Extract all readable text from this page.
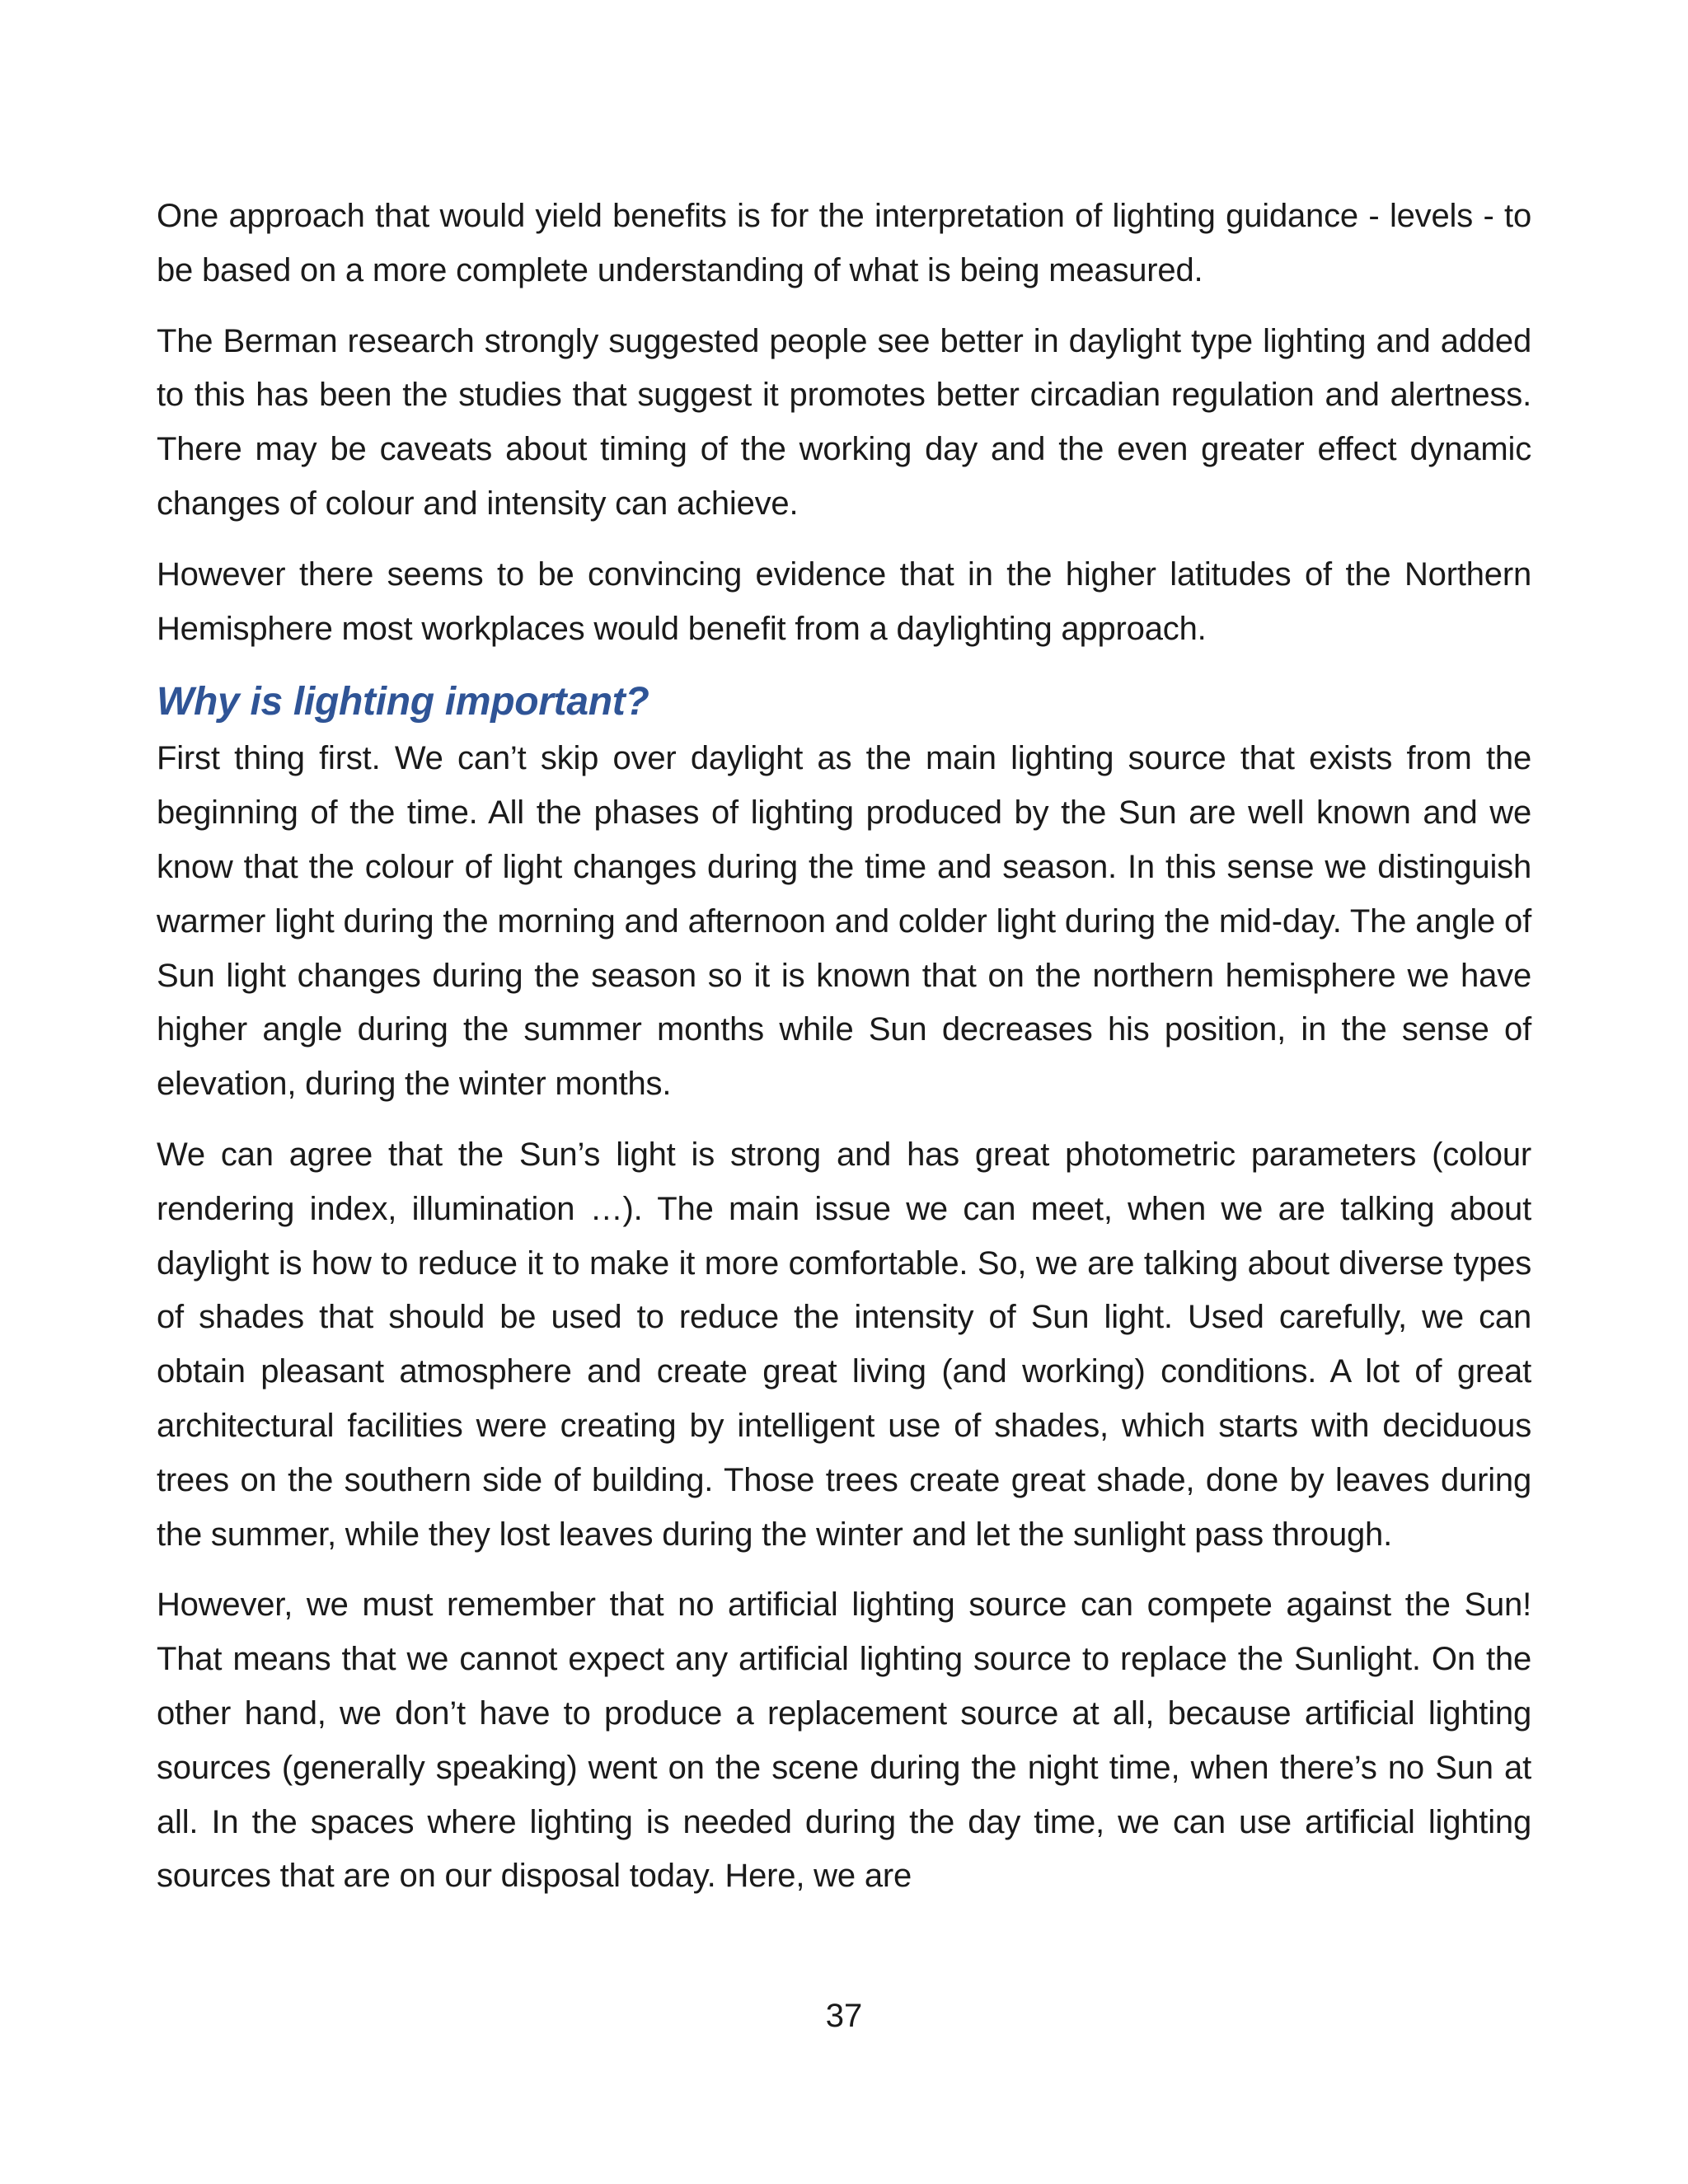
One approach that would yield benefits is for the interpretation of lighting guidance - levels - to be based on a more complete understanding of what is being measured.

The Berman research strongly suggested people see better in daylight type lighting and added to this has been the studies that suggest it promotes better circadian regulation and alertness. There may be caveats about timing of the working day and the even greater effect dynamic changes of colour and intensity can achieve.

However there seems to be convincing evidence that in the higher latitudes of the Northern Hemisphere most workplaces would benefit from a daylighting approach.

Why is lighting important?

First thing first. We can’t skip over daylight as the main lighting source that exists from the beginning of the time. All the phases of lighting produced by the Sun are well known and we know that the colour of light changes during the time and season. In this sense we distinguish warmer light during the morning and afternoon and colder light during the mid-day. The angle of Sun light changes during the season so it is known that on the northern hemisphere we have higher angle during the summer months while Sun decreases his position, in the sense of elevation, during the winter months.

We can agree that the Sun’s light is strong and has great photometric parameters (colour rendering index, illumination …). The main issue we can meet, when we are talking about daylight is how to reduce it to make it more comfortable. So, we are talking about diverse types of shades that should be used to reduce the intensity of Sun light. Used carefully, we can obtain pleasant atmosphere and create great living (and working) conditions. A lot of great architectural facilities were creating by intelligent use of shades, which starts with deciduous trees on the southern side of building. Those trees create great shade, done by leaves during the summer, while they lost leaves during the winter and let the sunlight pass through.

However, we must remember that no artificial lighting source can compete against the Sun! That means that we cannot expect any artificial lighting source to replace the Sunlight. On the other hand, we don’t have to produce a replacement source at all, because artificial lighting sources (generally speaking) went on the scene during the night time, when there’s no Sun at all. In the spaces where lighting is needed during the day time, we can use artificial lighting sources that are on our disposal today. Here, we are

37
